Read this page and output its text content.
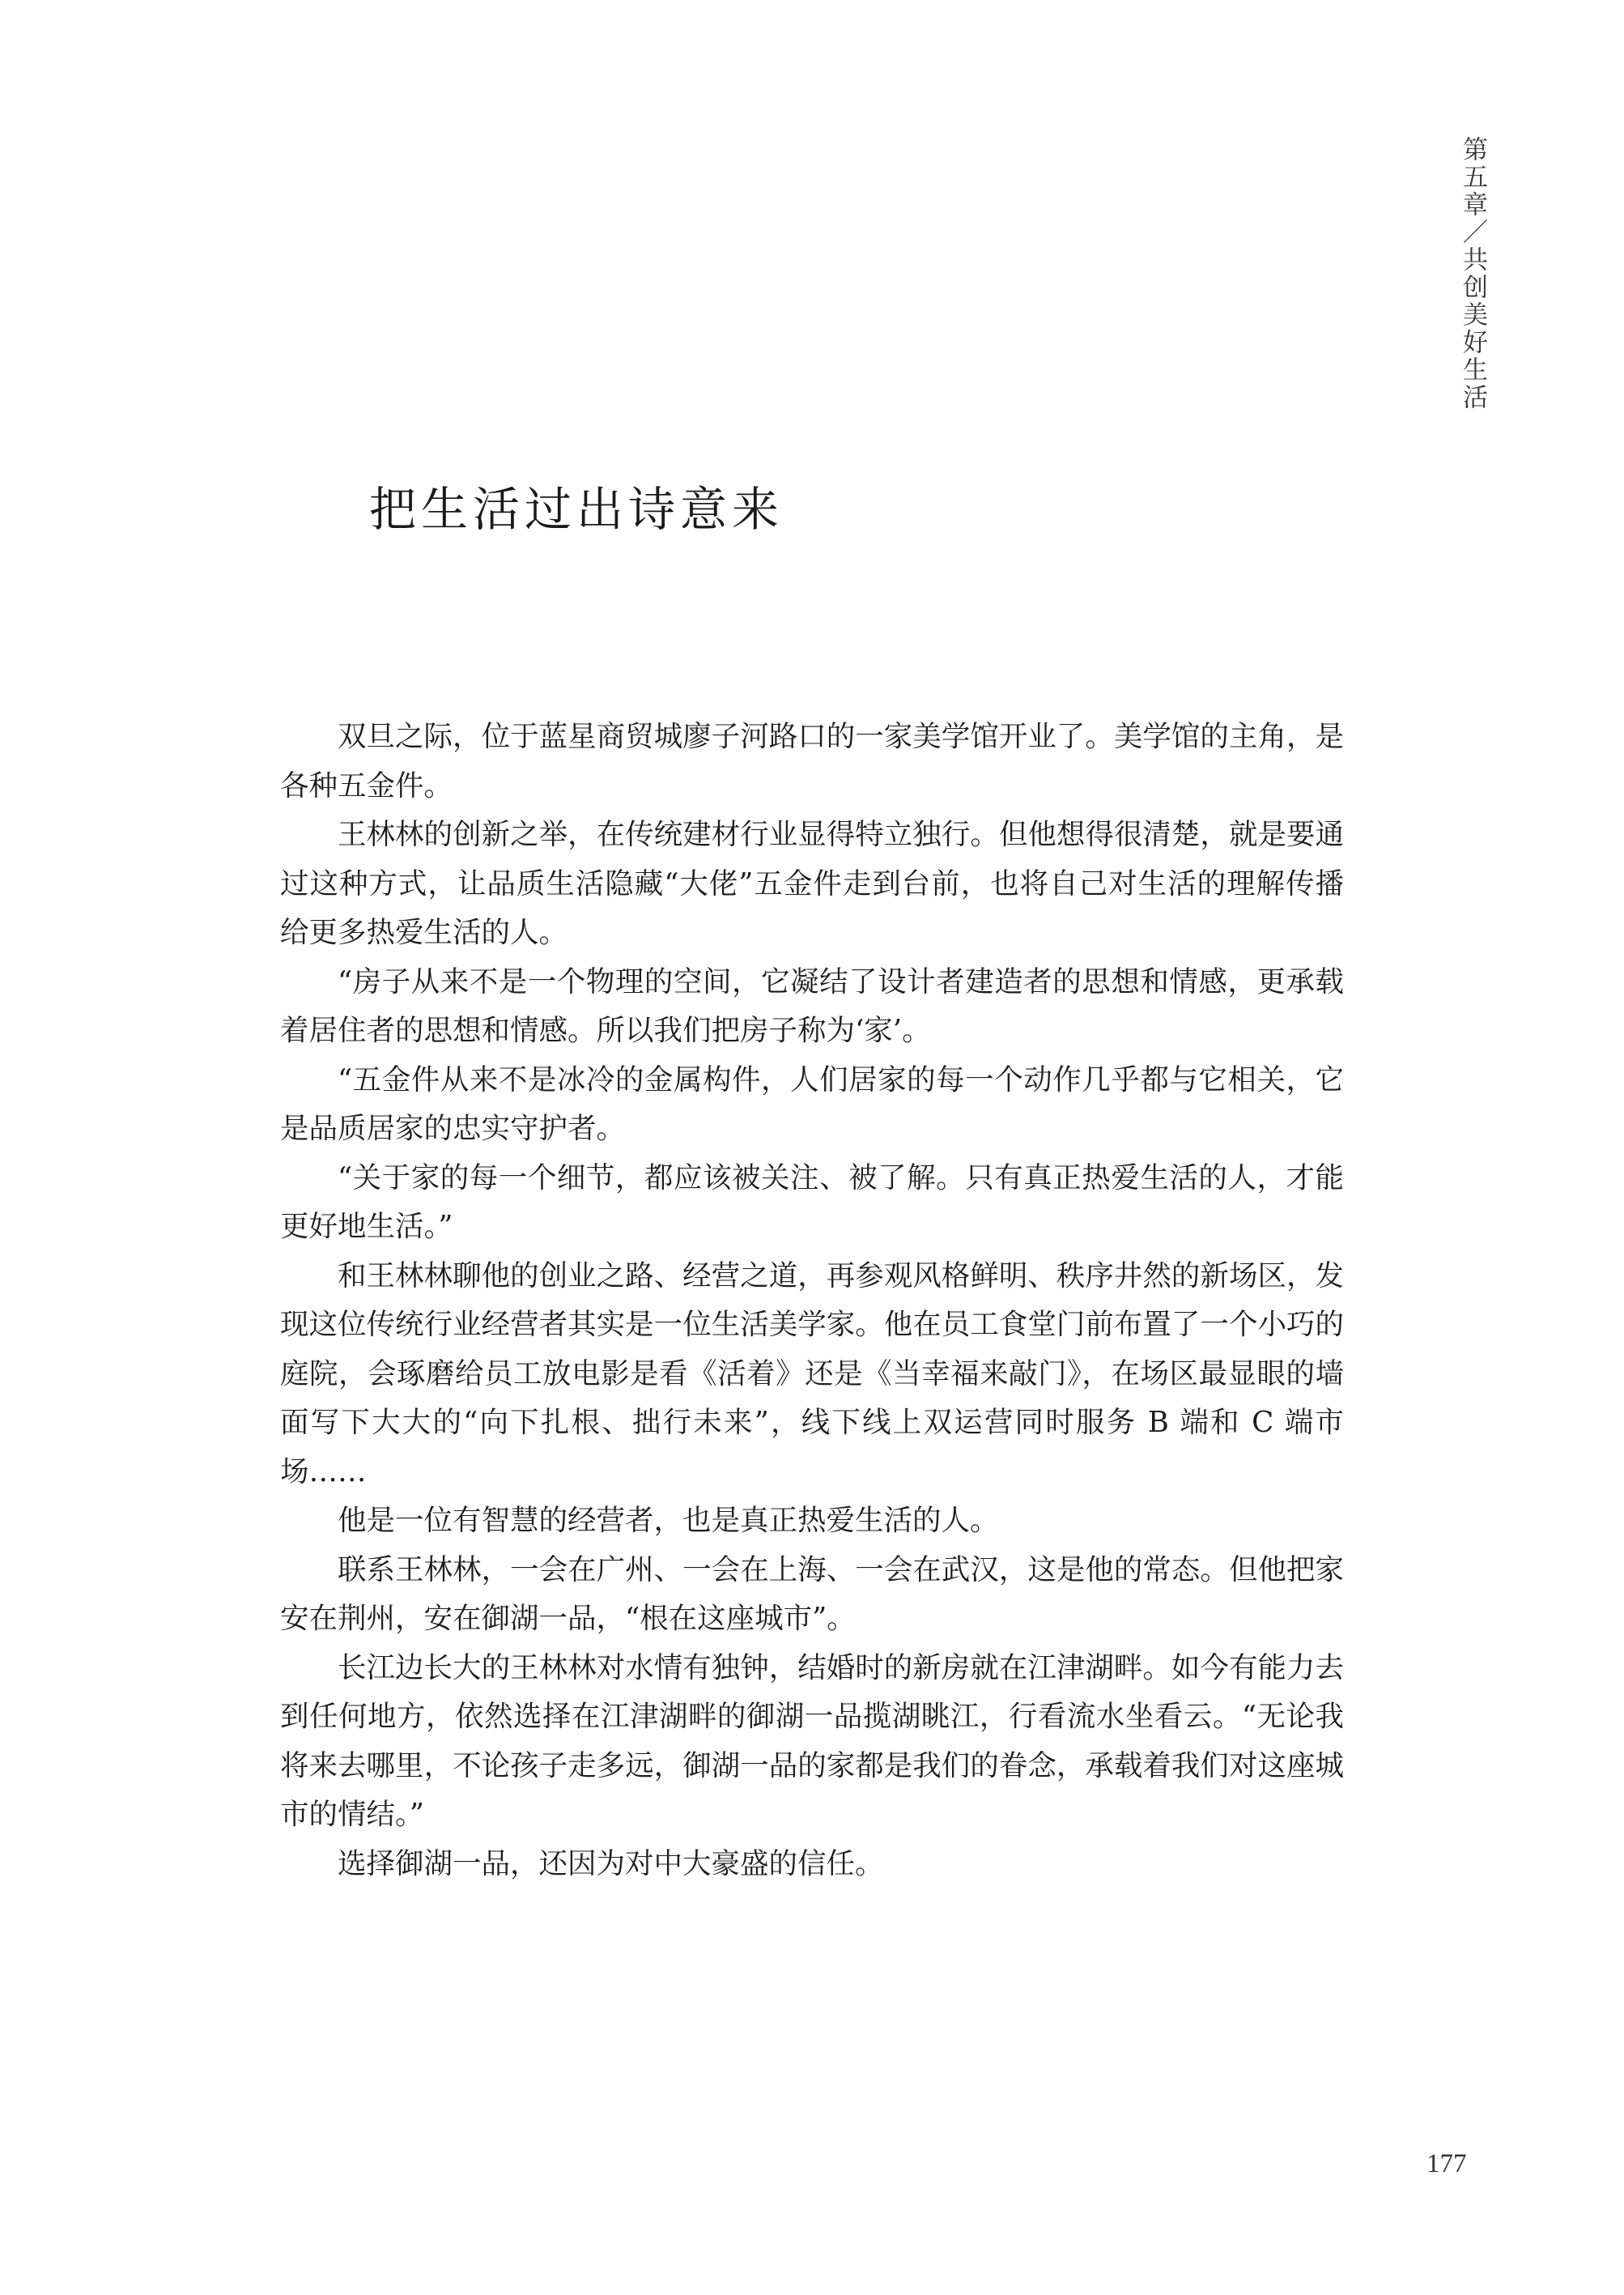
第五章／共创美好生活
把生活过出诗意来

双旦之际，位于蓝星商贸城廖子河路口的一家美学馆开业了。美学馆的主角，是各种五金件。

王林林的创新之举，在传统建材行业显得特立独行。但他想得很清楚，就是要通过这种方式，让品质生活隐藏“大佬”五金件走到台前，也将自己对生活的理解传播给更多热爱生活的人。

“房子从来不是一个物理的空间，它凝结了设计者建造者的思想和情感，更承载着居住者的思想和情感。所以我们把房子称为‘家’。

“五金件从来不是冰冷的金属构件，人们居家的每一个动作几乎都与它相关，它是品质居家的忠实守护者。

“关于家的每一个细节，都应该被关注、被了解。只有真正热爱生活的人，才能更好地生活。”

和王林林聊他的创业之路、经营之道，再参观风格鲜明、秩序井然的新场区，发现这位传统行业经营者其实是一位生活美学家。他在员工食堂门前布置了一个小巧的庭院，会琢磨给员工放电影是看《活着》还是《当幸福来敲门》，在场区最显眼的墙面写下大大的“向下扎根、拙行未来”，线下线上双运营同时服务 B 端和 C 端市场……

他是一位有智慧的经营者，也是真正热爱生活的人。

联系王林林，一会在广州、一会在上海、一会在武汉，这是他的常态。但他把家安在荆州，安在御湖一品，“根在这座城市”。

长江边长大的王林林对水情有独钟，结婚时的新房就在江津湖畔。如今有能力去到任何地方，依然选择在江津湖畔的御湖一品揽湖眺江，行看流水坐看云。“无论我将来去哪里，不论孩子走多远，御湖一品的家都是我们的眷念，承载着我们对这座城市的情结。”

选择御湖一品，还因为对中大豪盛的信任。

177
